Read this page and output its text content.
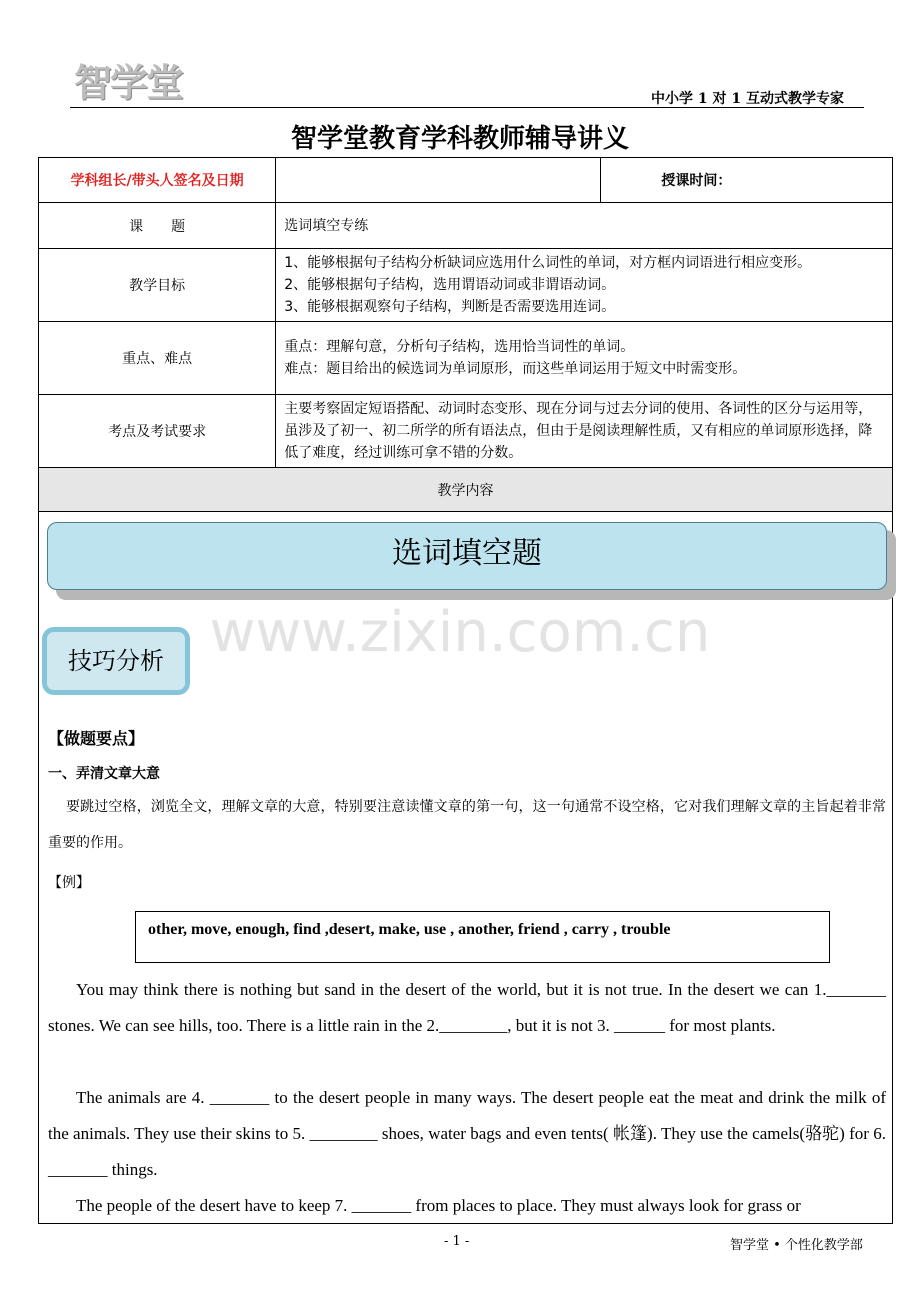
智学堂	中小学 1 对 1 互动式教学专家
智学堂教育学科教师辅导讲义
学科组长/带头人签名及日期		授课时间：
课　　题	选词填空专练	
教学目标	1、能够根据句子结构分析缺词应选用什么词性的单词，对方框内词语进行相应变形。
2、能够根据句子结构，选用谓语动词或非谓语动词。
3、能够根据观察句子结构，判断是否需要选用连词。	

重点、难点	重点：理解句意，分析句子结构，选用恰当词性的单词。
难点：题目给出的候选词为单词原形，而这些单词运用于短文中时需变形。	

考点及考试要求	主要考察固定短语搭配、动词时态变形、现在分词与过去分词的使用、各词性的区分与运用等，虽涉及了初一、初二所学的所有语法点，但由于是阅读理解性质，又有相应的单词原形选择，降低了难度，经过训练可拿不错的分数。	
教学内容		
选词填空题
www.zixin.com.cn
技巧分析
【做题要点】
一、弄清文章大意
要跳过空格，浏览全文，理解文章的大意，特别要注意读懂文章的第一句，这一句通常不设空格，它对我们理解文章的主旨起着非常重要的作用。
【例】
other, move, enough, find ,desert, make, use , another, friend , carry , trouble
You may think there is nothing but sand in the desert of the world, but it is not true. In the desert we can 1._______ stones. We can see hills, too. There is a little rain in the 2.________, but it is not 3. ______ for most plants.
The animals are 4. _______ to the desert people in many ways. The desert people eat the meat and drink the milk of the animals. They use their skins to 5. ________ shoes, water bags and even tents( 帐篷). They use the camels(骆驼) for 6. _______ things.
The people of the desert have to keep 7. _______ from places to place. They must always look for grass or
- 1 -	智学堂 • 个性化教学部
